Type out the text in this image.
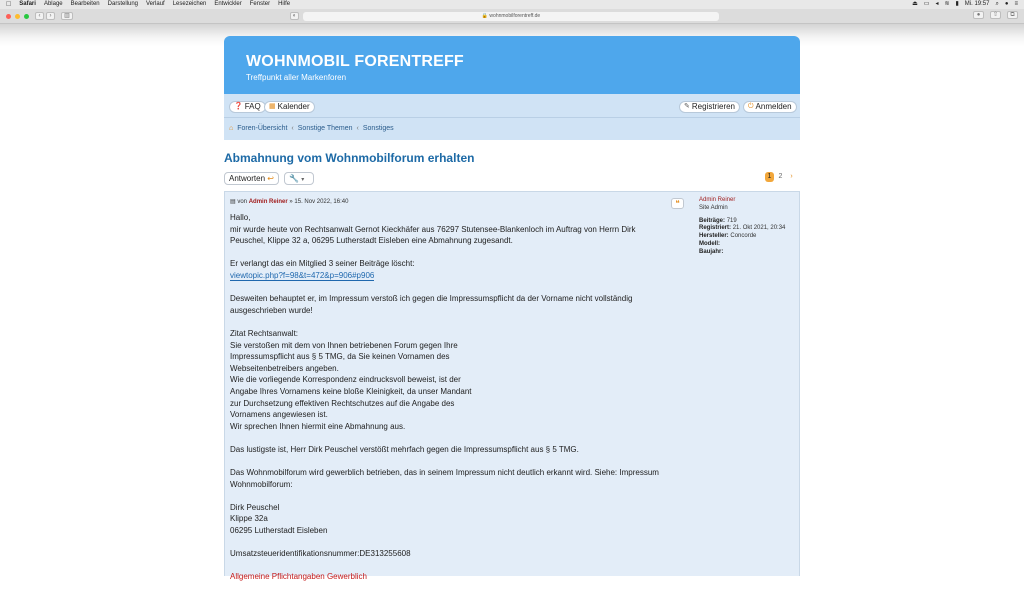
Safari Ablage Bearbeiten Darstellung Verlauf Lesezeichen Entwickler Fenster Hilfe	⏏ ▭ ◂ ≋ ▮ Mi. 19:57 ⌕ ● ≡
‹	›	▥	◐	🔒 wohnmobilforentreff.de	●	⇧	⧉
WOHNMOBIL FORENTREFF
Treffpunkt aller Markenforen
❓ FAQ ▦ Kalender	✎ Registrieren ⏻ Anmelden
⌂ Foren-Übersicht ‹ Sonstige Themen ‹ Sonstiges
Abmahnung vom Wohnmobilforum erhalten
Antworten ↩	🔧 ▾	1	2	›
❝
▤ von Admin Reiner » 15. Nov 2022, 16:40

Hallo,
mir wurde heute von Rechtsanwalt Gernot Kieckhäfer aus 76297 Stutensee-Blankenloch im Auftrag von Herrn Dirk
Peuschel, Klippe 32 a, 06295 Lutherstadt Eisleben eine Abmahnung zugesandt.

Er verlangt das ein Mitglied 3 seiner Beiträge löscht:
viewtopic.php?f=98&t=472&p=906#p906

Desweiten behauptet er, im Impressum verstoß ich gegen die Impressumspflicht da der Vorname nicht vollständig
ausgeschrieben wurde!

Zitat Rechtsanwalt:
Sie verstoßen mit dem von Ihnen betriebenen Forum gegen Ihre
Impressumspflicht aus § 5 TMG, da Sie keinen Vornamen des
Webseitenbetreibers angeben.
Wie die vorliegende Korrespondenz eindrucksvoll beweist, ist der
Angabe Ihres Vornamens keine bloße Kleinigkeit, da unser Mandant
zur Durchsetzung effektiven Rechtschutzes auf die Angabe des
Vornamens angewiesen ist.
Wir sprechen Ihnen hiermit eine Abmahnung aus.

Das lustigste ist, Herr Dirk Peuschel verstößt mehrfach gegen die Impressumspflicht aus § 5 TMG.

Das Wohnmobilforum wird gewerblich betrieben, das in seinem Impressum nicht deutlich erkannt wird. Siehe: Impressum
Wohnmobilforum:

Dirk Peuschel
Klippe 32a
06295 Lutherstadt Eisleben

Umsatzsteueridentifikationsnummer:DE313255608

Allgemeine Pflichtangaben Gewerblich

Admin Reiner
Site Admin
Beiträge: 719
Registriert: 21. Okt 2021, 20:34
Hersteller: Concorde
Modell:
Baujahr:
